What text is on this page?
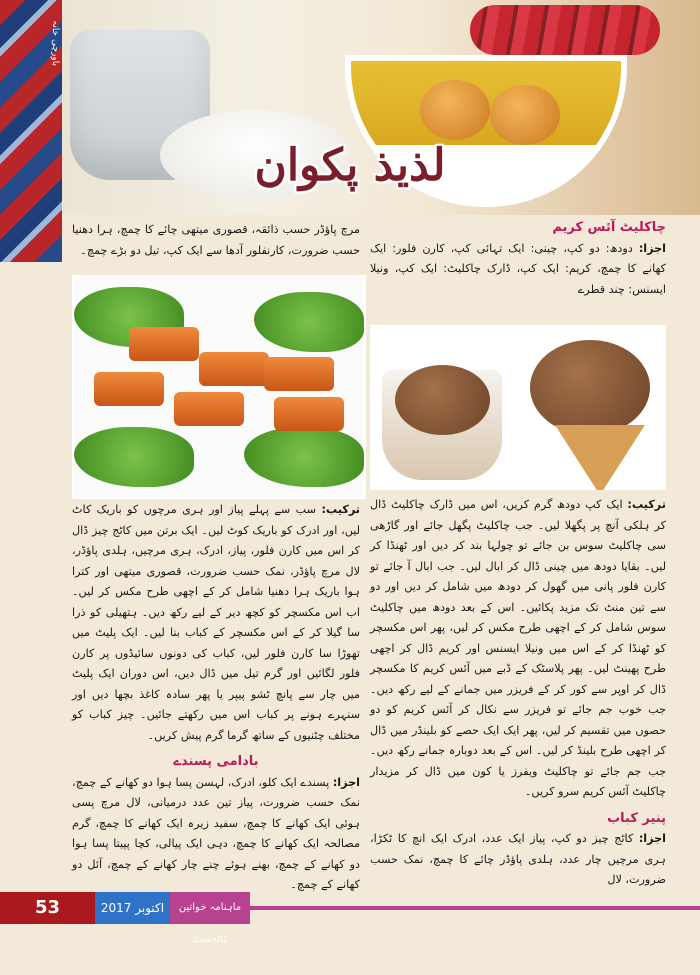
لذیذ پکوان
باورچی خانہ

مرچ پاؤڈر حسب ذائقہ، قصوری میتھی چائے کا چمچ، ہرا دھنیا حسب ضرورت، کارنفلور آدھا سے ایک کپ، تیل دو بڑے چمچ۔

ترکیب: سب سے پہلے پیاز اور ہری مرچوں کو باریک کاٹ لیں، اور ادرک کو باریک کوٹ لیں۔ ایک برتن میں کاٹج چیز ڈال کر اس میں کارن فلور، پیاز، ادرک، ہری مرچیں، ہلدی پاؤڈر، لال مرچ پاؤڈر، نمک حسب ضرورت، قصوری میتھی اور کترا ہوا باریک ہرا دھنیا شامل کر کے اچھی طرح مکس کر لیں۔ اب اس مکسچر کو کچھ دیر کے لیے رکھ دیں۔ ہتھیلی کو ذرا سا گیلا کر کے اس مکسچر کے کباب بنا لیں۔ ایک پلیٹ میں تھوڑا سا کارن فلور لیں، کباب کی دونوں سائیڈوں پر کارن فلور لگائیں اور گرم تیل میں ڈال دیں، اس دوران ایک پلیٹ میں چار سے پانچ ٹشو پیپر یا پھر سادہ کاغذ بچھا دیں اور سنہرے ہونے پر کباب اس میں رکھتے جائیں۔ چیز کباب کو مختلف چٹنیوں کے ساتھ گرما گرم پیش کریں۔

بادامی پسندے

اجزا: پسندے ایک کلو، ادرک، لہسن پسا ہوا دو کھانے کے چمچ، نمک حسب ضرورت، پیاز تین عدد درمیانی، لال مرچ پسی ہوئی ایک کھانے کا چمچ، سفید زیرہ ایک کھانے کا چمچ، گرم مصالحہ ایک کھانے کا چمچ، دہی ایک پیالی، کچا پپیتا پسا ہوا دو کھانے کے چمچ، بھنے ہوئے چنے چار کھانے کے چمچ، آئل دو کھانے کے چمچ۔

چاکلیٹ آئس کریم

اجزا: دودھ: دو کپ، چینی: ایک تہائی کپ، کارن فلور: ایک کھانے کا چمچ، کریم: ایک کپ، ڈارک چاکلیٹ: ایک کپ، ونیلا ایسنس: چند قطرے

ترکیب: ایک کپ دودھ گرم کریں، اس میں ڈارک چاکلیٹ ڈال کر ہلکی آنچ پر پگھلا لیں۔ جب چاکلیٹ پگھل جائے اور گاڑھی سی چاکلیٹ سوس بن جائے تو چولہا بند کر دیں اور ٹھنڈا کر لیں۔ بقایا دودھ میں چینی ڈال کر ابال لیں۔ جب ابال آ جائے تو کارن فلور پانی میں گھول کر دودھ میں شامل کر دیں اور دو سے تین منٹ تک مزید پکائیں۔ اس کے بعد دودھ میں چاکلیٹ سوس شامل کر کے اچھی طرح مکس کر لیں، پھر اس مکسچر کو ٹھنڈا کر کے اس میں ونیلا ایسنس اور کریم ڈال کر اچھی طرح پھینٹ لیں۔ پھر پلاسٹک کے ڈبے میں آئس کریم کا مکسچر ڈال کر اوپر سے کور کر کے فریزر میں جمانے کے لیے رکھ دیں۔ جب خوب جم جائے تو فریزر سے نکال کر آئس کریم کو دو حصوں میں تقسیم کر لیں، پھر ایک ایک حصے کو بلینڈر میں ڈال کر اچھی طرح بلینڈ کر لیں۔ اس کے بعد دوبارہ جمانے رکھ دیں۔ جب جم جائے تو چاکلیٹ ویفرز یا کون میں ڈال کر مزیدار چاکلیٹ آئس کریم سرو کریں۔

پنیر کباب

اجزا: کاٹج چیز دو کپ، پیاز ایک عدد، ادرک ایک انچ کا ٹکڑا، ہری مرچیں چار عدد، ہلدی پاؤڈر چائے کا چمچ، نمک حسب ضرورت، لال

53	اکتوبر 2017	ماہنامہ خواتین ڈائجسٹ
